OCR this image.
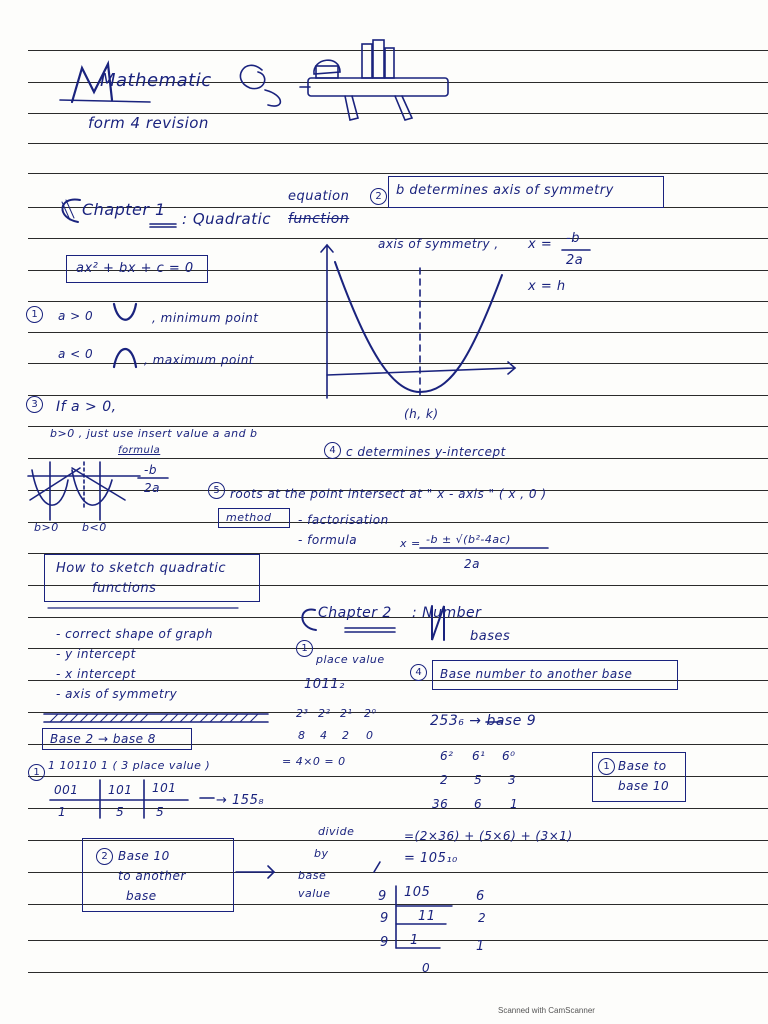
Mathematic
form 4 revision
equation
Chapter 1 : Quadratic function
2	b determines axis of symmetry
axis of symmetry , x = -b
2a
x = h
(h, k)
ax² + bx + c = 0
1	a > 0	, minimum point
a < 0	, maximum point
3	If a > 0,
b>0 , just use insert value a and b
formula
-b
2a
b>0 b<0
4 c determines y-intercept
5 roots at the point intersect at " x - axis " ( x , 0 )
method - factorisation
- formula	x = -b ± √(b²-4ac)
2a
How to sketch quadratic
functions
- correct shape of graph
- y intercept
- x intercept
- axis of symmetry
Chapter 2 : Number
bases
1
place value
1011₂
2³ 2² 2¹ 2⁰
8 4 2 0
= 4×0 = 0
Base 2 → base 8
1
1 10110 1 ( 3 place value )
001 101 101
1	5	5
→ 155₈
4	Base number to another base
253₆ → base 9
6² 6¹ 6⁰
2 5 3
36 6 1
1 Base to
base 10
=(2×36) + (5×6) + (3×1)
= 105₁₀
divide
by
base
value
2 Base 10
to another
base	9 105	6
9 11	2
9 1	1
0
Scanned with CamScanner
